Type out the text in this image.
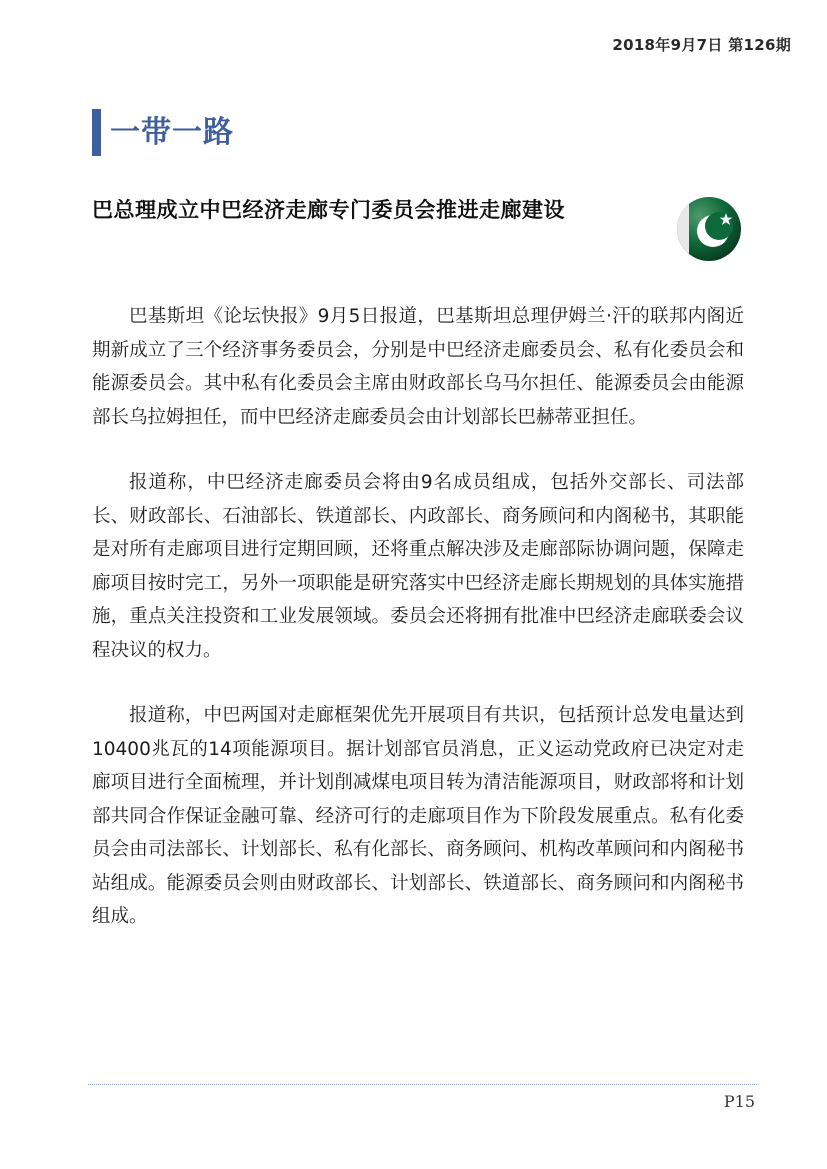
2018年9月7日 第126期
一带一路
巴总理成立中巴经济走廊专门委员会推进走廊建设

巴基斯坦《论坛快报》9月5日报道，巴基斯坦总理伊姆兰·汗的联邦内阁近期新成立了三个经济事务委员会，分别是中巴经济走廊委员会、私有化委员会和能源委员会。其中私有化委员会主席由财政部长乌马尔担任、能源委员会由能源部长乌拉姆担任，而中巴经济走廊委员会由计划部长巴赫蒂亚担任。

报道称，中巴经济走廊委员会将由9名成员组成，包括外交部长、司法部长、财政部长、石油部长、铁道部长、内政部长、商务顾问和内阁秘书，其职能是对所有走廊项目进行定期回顾，还将重点解决涉及走廊部际协调问题，保障走廊项目按时完工，另外一项职能是研究落实中巴经济走廊长期规划的具体实施措施，重点关注投资和工业发展领域。委员会还将拥有批准中巴经济走廊联委会议程决议的权力。

报道称，中巴两国对走廊框架优先开展项目有共识，包括预计总发电量达到10400兆瓦的14项能源项目。据计划部官员消息，正义运动党政府已决定对走廊项目进行全面梳理，并计划削减煤电项目转为清洁能源项目，财政部将和计划部共同合作保证金融可靠、经济可行的走廊项目作为下阶段发展重点。私有化委员会由司法部长、计划部长、私有化部长、商务顾问、机构改革顾问和内阁秘书站组成。能源委员会则由财政部长、计划部长、铁道部长、商务顾问和内阁秘书组成。

P15
